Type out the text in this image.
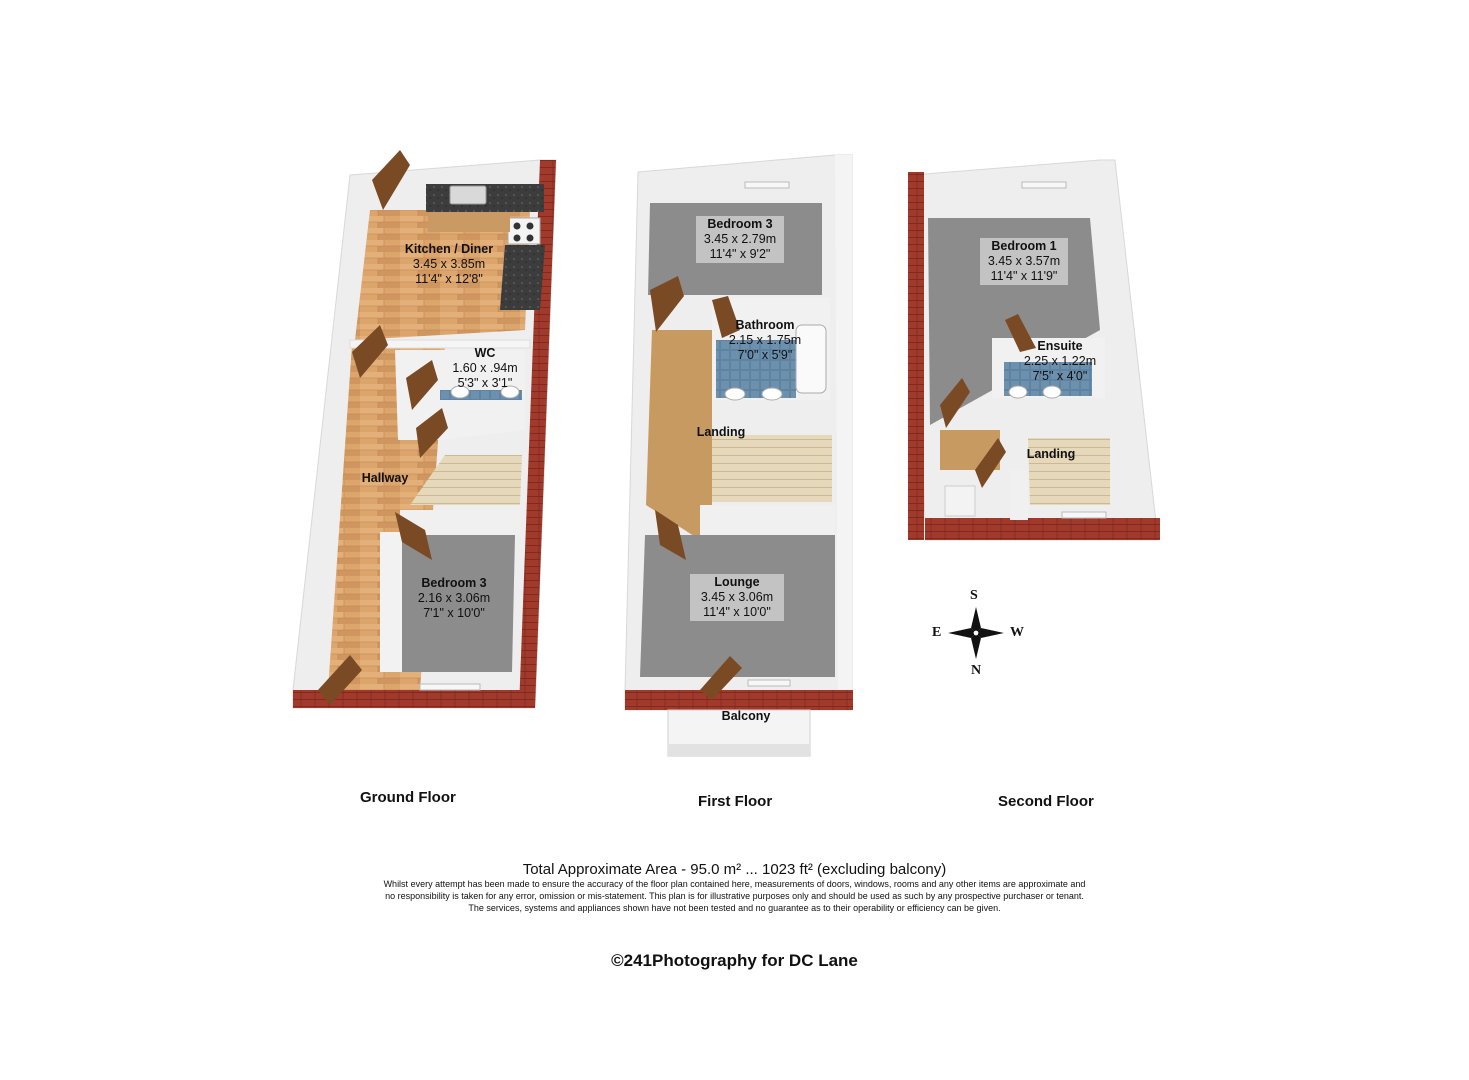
Kitchen / Diner
3.45 x 3.85m
11'4" x 12'8"
WC
1.60 x .94m
5'3" x 3'1"
Hallway
Bedroom 3
2.16 x 3.06m
7'1" x 10'0"
Bedroom 3
3.45 x 2.79m
11'4" x 9'2"
Bathroom
2.15 x 1.75m
7'0" x 5'9"
Landing
Lounge
3.45 x 3.06m
11'4" x 10'0"
Balcony
Bedroom 1
3.45 x 3.57m
11'4" x 11'9"
Ensuite
2.25 x 1.22m
7'5" x 4'0"
Landing
Ground Floor	First Floor	Second Floor
S
E	W
N
Total Approximate Area - 95.0 m² ... 1023 ft² (excluding balcony)
Whilst every attempt has been made to ensure the accuracy of the floor plan contained here, measurements of doors, windows, rooms and any other items are approximate and
no responsibility is taken for any error, omission or mis-statement. This plan is for illustrative purposes only and should be used as such by any prospective purchaser or tenant.
The services, systems and appliances shown have not been tested and no guarantee as to their operability or efficiency can be given.
©241Photography for DC Lane
